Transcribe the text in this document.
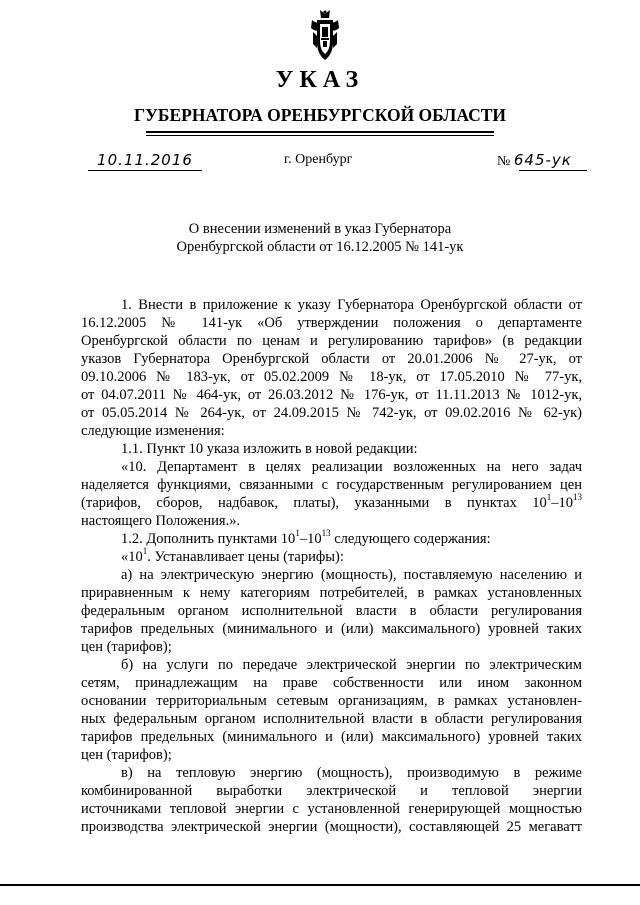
УКАЗ
ГУБЕРНАТОРА ОРЕНБУРГСКОЙ ОБЛАСТИ
10.11.2016	г. Оренбург	№ 645-ук
О внесении изменений в указ Губернатора
Оренбургской области от 16.12.2005 № 141-ук

1. Внести в приложение к указу Губернатора Оренбургской области от

16.12.2005 № 141-ук «Об утверждении положения о департаменте

Оренбургской области по ценам и регулированию тарифов» (в редакции

указов Губернатора Оренбургской области от 20.01.2006 № 27-ук, от

09.10.2006 № 183-ук, от 05.02.2009 № 18-ук, от 17.05.2010 № 77-ук,

от 04.07.2011 № 464-ук, от 26.03.2012 № 176-ук, от 11.11.2013 № 1012-ук,

от 05.05.2014 № 264-ук, от 24.09.2015 № 742-ук, от 09.02.2016 № 62-ук)

следующие изменения:

1.1. Пункт 10 указа изложить в новой редакции:

«10. Департамент в целях реализации возложенных на него задач

наделяется функциями, связанными с государственным регулированием цен

(тарифов, сборов, надбавок, платы), указанными в пунктах $10^1-10^{13}$

настоящего Положения.».

1.2. Дополнить пунктами $10^1-10^{13}$ следующего содержания:

«$10^1$. Устанавливает цены (тарифы):

а) на электрическую энергию (мощность), поставляемую населению и

приравненным к нему категориям потребителей, в рамках установленных

федеральным органом исполнительной власти в области регулирования

тарифов предельных (минимального и (или) максимального) уровней таких

цен (тарифов);

б) на услуги по передаче электрической энергии по электрическим

сетям, принадлежащим на праве собственности или ином законном

основании территориальным сетевым организациям, в рамках установлен-

ных федеральным органом исполнительной власти в области регулирования

тарифов предельных (минимального и (или) максимального) уровней таких

цен (тарифов);

в) на тепловую энергию (мощность), производимую в режиме

комбинированной выработки электрической и тепловой энергии

источниками тепловой энергии с установленной генерирующей мощностью

производства электрической энергии (мощности), составляющей 25 мегаватт
